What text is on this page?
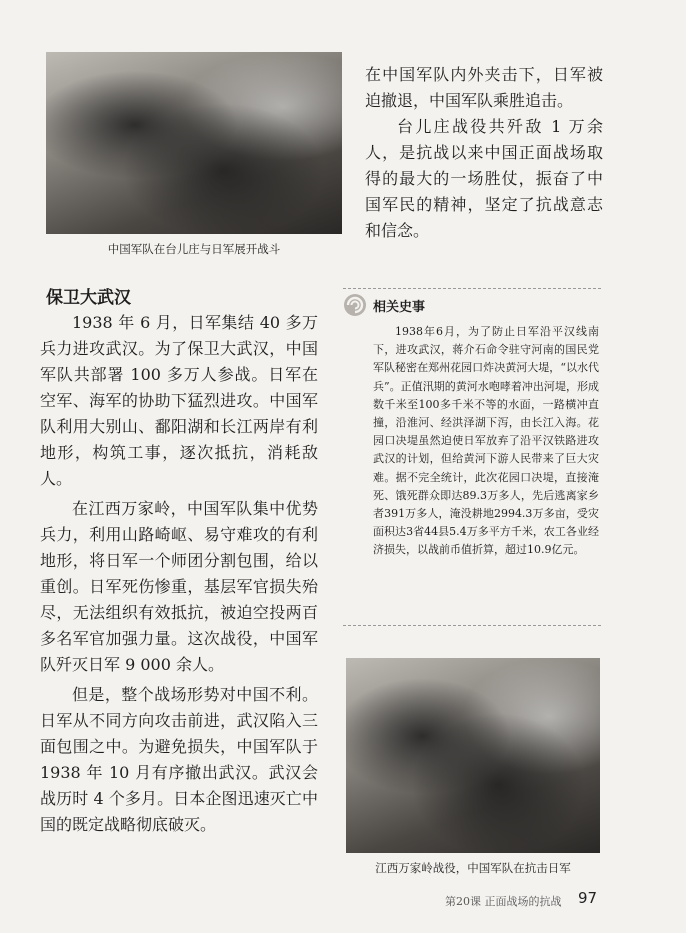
中国军队在台儿庄与日军展开战斗

在中国军队内外夹击下，日军被迫撤退，中国军队乘胜追击。

台儿庄战役共歼敌 1 万余人，是抗战以来中国正面战场取得的最大的一场胜仗，振奋了中国军民的精神，坚定了抗战意志和信念。

保卫大武汉

1938 年 6 月，日军集结 40 多万兵力进攻武汉。为了保卫大武汉，中国军队共部署 100 多万人参战。日军在空军、海军的协助下猛烈进攻。中国军队利用大别山、鄱阳湖和长江两岸有利地形，构筑工事，逐次抵抗，消耗敌人。

在江西万家岭，中国军队集中优势兵力，利用山路崎岖、易守难攻的有利地形，将日军一个师团分割包围，给以重创。日军死伤惨重，基层军官损失殆尽，无法组织有效抵抗，被迫空投两百多名军官加强力量。这次战役，中国军队歼灭日军 9 000 余人。

但是，整个战场形势对中国不利。日军从不同方向攻击前进，武汉陷入三面包围之中。为避免损失，中国军队于 1938 年 10 月有序撤出武汉。武汉会战历时 4 个多月。日本企图迅速灭亡中国的既定战略彻底破灭。

相关史事

1938年6月，为了防止日军沿平汉线南下，进攻武汉，蒋介石命令驻守河南的国民党军队秘密在郑州花园口炸决黄河大堤，“以水代兵”。正值汛期的黄河水咆哮着冲出河堤，形成数千米至100多千米不等的水面，一路横冲直撞，沿淮河、经洪泽湖下泻，由长江入海。花园口决堤虽然迫使日军放弃了沿平汉铁路进攻武汉的计划，但给黄河下游人民带来了巨大灾难。据不完全统计，此次花园口决堤，直接淹死、饿死群众即达89.3万多人，先后逃离家乡者391万多人，淹没耕地2994.3万多亩，受灾面积达3省44县5.4万多平方千米，农工各业经济损失，以战前币值折算，超过10.9亿元。

江西万家岭战役，中国军队在抗击日军
第20课 正面战场的抗战 97
